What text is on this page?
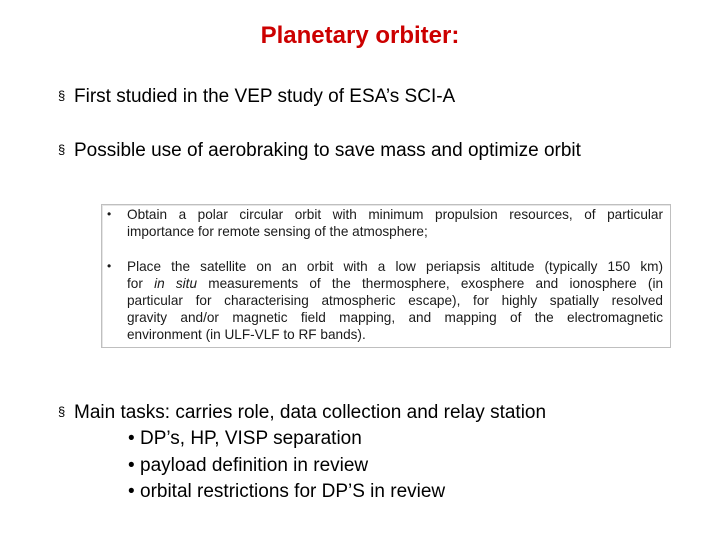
Planetary orbiter:
§ First studied in the VEP study of ESA’s SCI-A
§ Possible use of aerobraking to save mass and optimize orbit
• Obtain a polar circular orbit with minimum propulsion resources, of particular
importance for remote sensing of the atmosphere;
• Place the satellite on an orbit with a low periapsis altitude (typically 150 km)
for in situ measurements of the thermosphere, exosphere and ionosphere (in
particular for characterising atmospheric escape), for highly spatially resolved
gravity and/or magnetic field mapping, and mapping of the electromagnetic
environment (in ULF-VLF to RF bands).
§ Main tasks: carries role, data collection and relay station
• DP’s, HP, VISP separation
• payload definition in review
• orbital restrictions for DP’S in review
